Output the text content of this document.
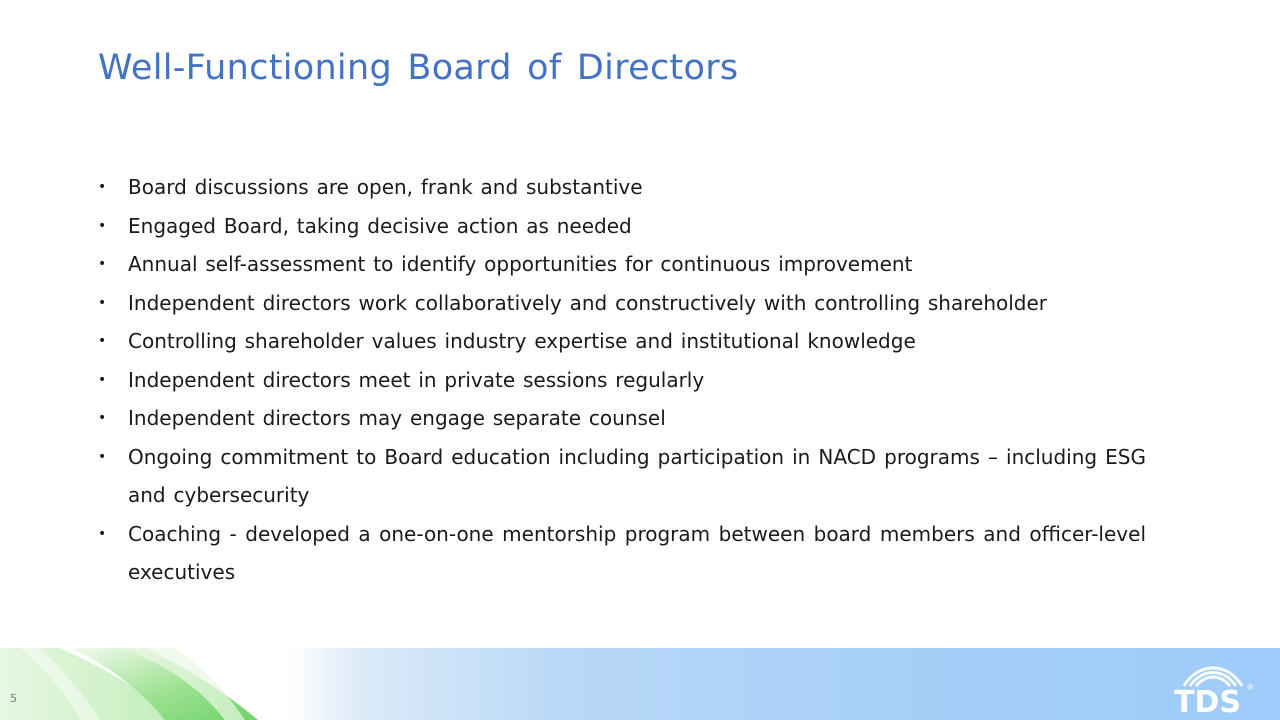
Well-Functioning Board of Directors
• Board discussions are open, frank and substantive
• Engaged Board, taking decisive action as needed
• Annual self-assessment to identify opportunities for continuous improvement
• Independent directors work collaboratively and constructively with controlling shareholder
• Controlling shareholder values industry expertise and institutional knowledge
• Independent directors meet in private sessions regularly
• Independent directors may engage separate counsel
• Ongoing commitment to Board education including participation in NACD programs – including ESG and cybersecurity
• Coaching - developed a one-on-one mentorship program between board members and officer-level executives
5	TDS ®
